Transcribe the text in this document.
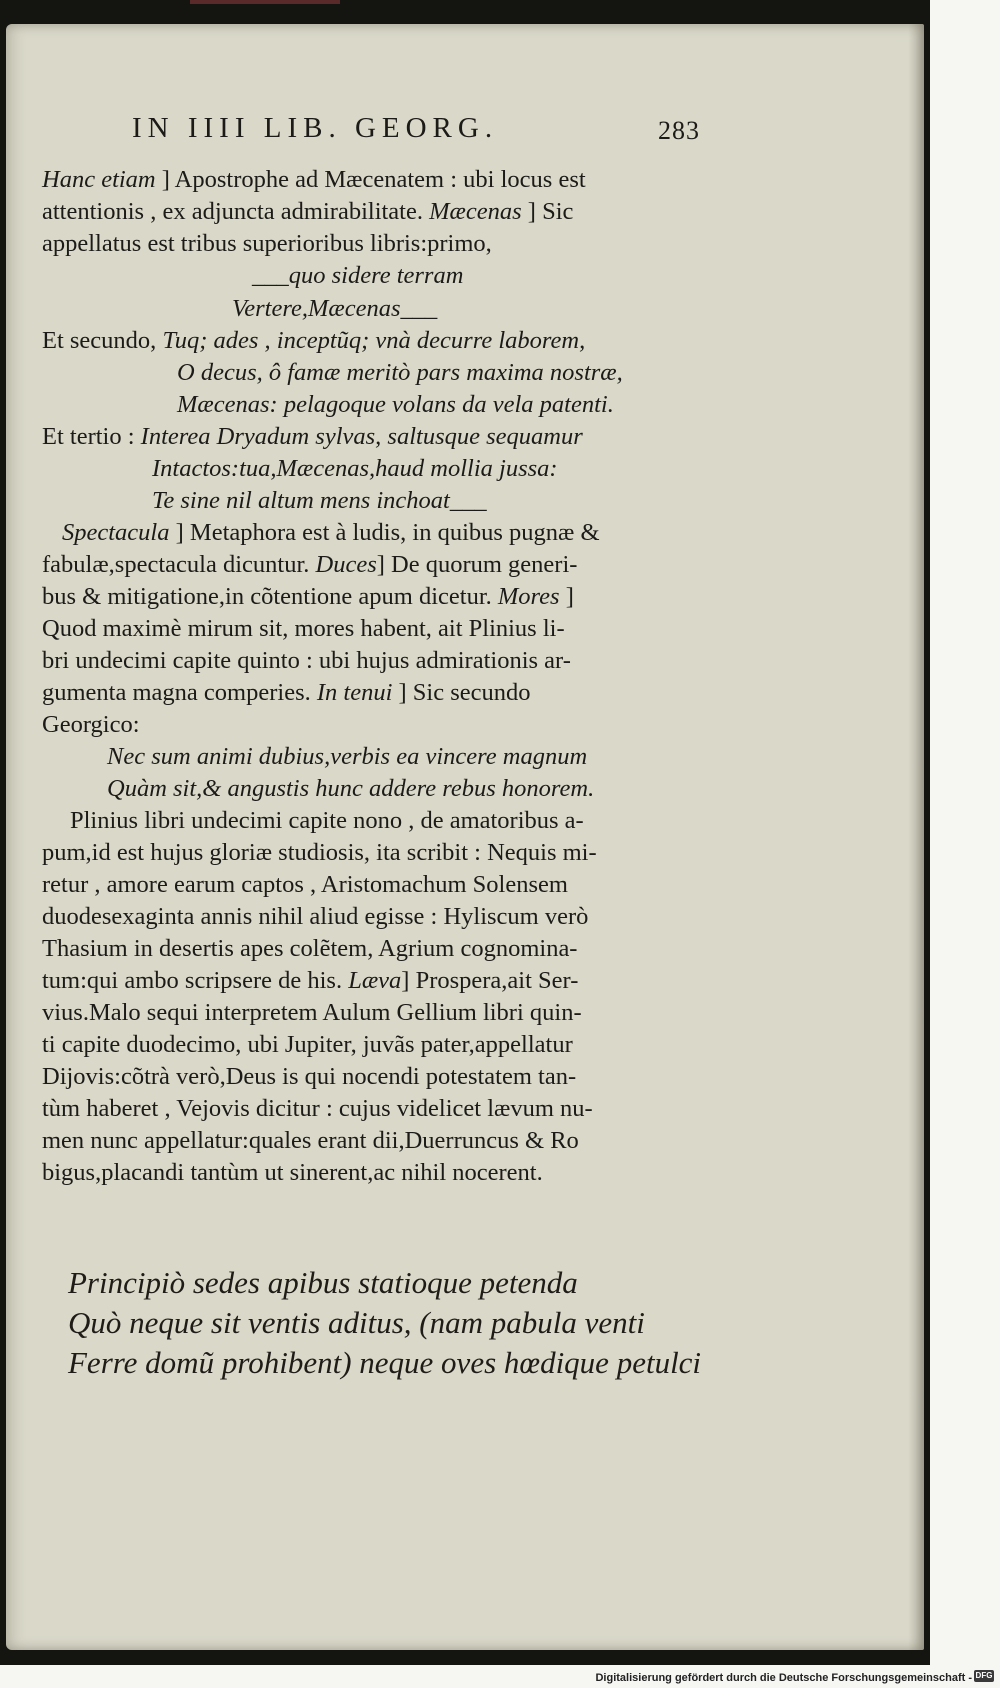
IN IIII LIB. GEORG.	283
Hanc etiam ] Apostrophe ad Mæcenatem : ubi locus est
attentionis , ex adjuncta admirabilitate. Mæcenas ] Sic
appellatus est tribus superioribus libris:primo,
___quo sidere terram
Vertere,Mæcenas___
Et secundo, Tuq; ades , inceptũq; vnà decurre laborem,
O decus, ô famæ meritò pars maxima nostræ,
Mæcenas: pelagoque volans da vela patenti.
Et tertio : Interea Dryadum sylvas, saltusque sequamur
Intactos:tua,Mæcenas,haud mollia jussa:
Te sine nil altum mens inchoat___
Spectacula ] Metaphora est à ludis, in quibus pugnæ &
fabulæ,spectacula dicuntur. Duces] De quorum generi-
bus & mitigatione,in cõtentione apum dicetur. Mores ]
Quod maximè mirum sit, mores habent, ait Plinius li-
bri undecimi capite quinto : ubi hujus admirationis ar-
gumenta magna comperies. In tenui ] Sic secundo
Georgico:
Nec sum animi dubius,verbis ea vincere magnum
Quàm sit,& angustis hunc addere rebus honorem.
Plinius libri undecimi capite nono , de amatoribus a-
pum,id est hujus gloriæ studiosis, ita scribit : Nequis mi-
retur , amore earum captos , Aristomachum Solensem
duodesexaginta annis nihil aliud egisse : Hyliscum verò
Thasium in desertis apes colẽtem, Agrium cognomina-
tum:qui ambo scripsere de his. Læva] Prospera,ait Ser-
vius.Malo sequi interpretem Aulum Gellium libri quin-
ti capite duodecimo, ubi Jupiter, juvãs pater,appellatur
Dijovis:cõtrà verò,Deus is qui nocendi potestatem tan-
tùm haberet , Vejovis dicitur : cujus videlicet lævum nu-
men nunc appellatur:quales erant dii,Duerruncus & Ro
bigus,placandi tantùm ut sinerent,ac nihil nocerent.
Principiò sedes apibus statioque petenda
Quò neque sit ventis aditus, (nam pabula venti
Ferre domũ prohibent) neque oves hœdique petulci
Digitalisierung gefördert durch die Deutsche Forschungsgemeinschaft - DFG
